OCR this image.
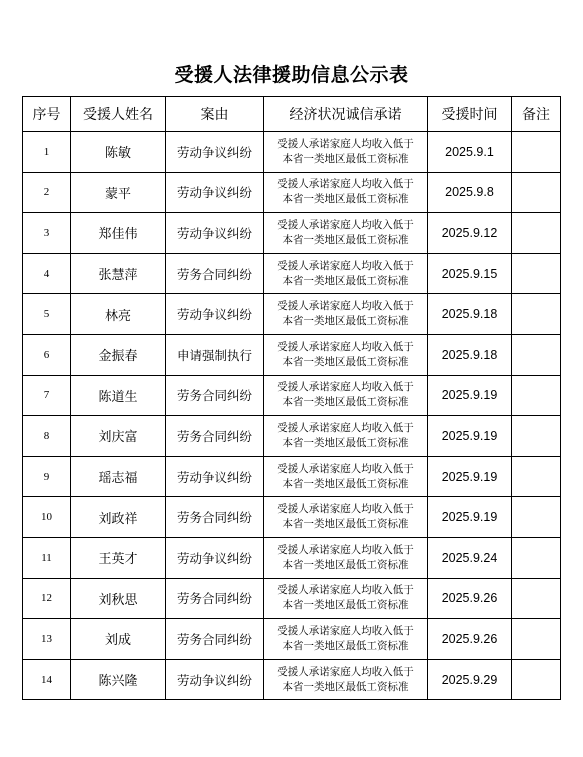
受援人法律援助信息公示表
序号	受援人姓名	案由	经济状况诚信承诺	受援时间	备注
1	陈敏	劳动争议纠纷	受援人承诺家庭人均收入低于
本省一类地区最低工资标准	2025.9.1	
2	蒙平	劳动争议纠纷	受援人承诺家庭人均收入低于
本省一类地区最低工资标准	2025.9.8	
3	郑佳伟	劳动争议纠纷	受援人承诺家庭人均收入低于
本省一类地区最低工资标准	2025.9.12	
4	张慧萍	劳务合同纠纷	受援人承诺家庭人均收入低于
本省一类地区最低工资标准	2025.9.15	
5	林亮	劳动争议纠纷	受援人承诺家庭人均收入低于
本省一类地区最低工资标准	2025.9.18	
6	金振春	申请强制执行	受援人承诺家庭人均收入低于
本省一类地区最低工资标准	2025.9.18	
7	陈道生	劳务合同纠纷	受援人承诺家庭人均收入低于
本省一类地区最低工资标准	2025.9.19	
8	刘庆富	劳务合同纠纷	受援人承诺家庭人均收入低于
本省一类地区最低工资标准	2025.9.19	
9	瑶志福	劳动争议纠纷	受援人承诺家庭人均收入低于
本省一类地区最低工资标准	2025.9.19	
10	刘政祥	劳务合同纠纷	受援人承诺家庭人均收入低于
本省一类地区最低工资标准	2025.9.19	
11	王英才	劳动争议纠纷	受援人承诺家庭人均收入低于
本省一类地区最低工资标准	2025.9.24	
12	刘秋思	劳务合同纠纷	受援人承诺家庭人均收入低于
本省一类地区最低工资标准	2025.9.26	
13	刘成	劳务合同纠纷	受援人承诺家庭人均收入低于
本省一类地区最低工资标准	2025.9.26	
14	陈兴隆	劳动争议纠纷	受援人承诺家庭人均收入低于
本省一类地区最低工资标准	2025.9.29	
